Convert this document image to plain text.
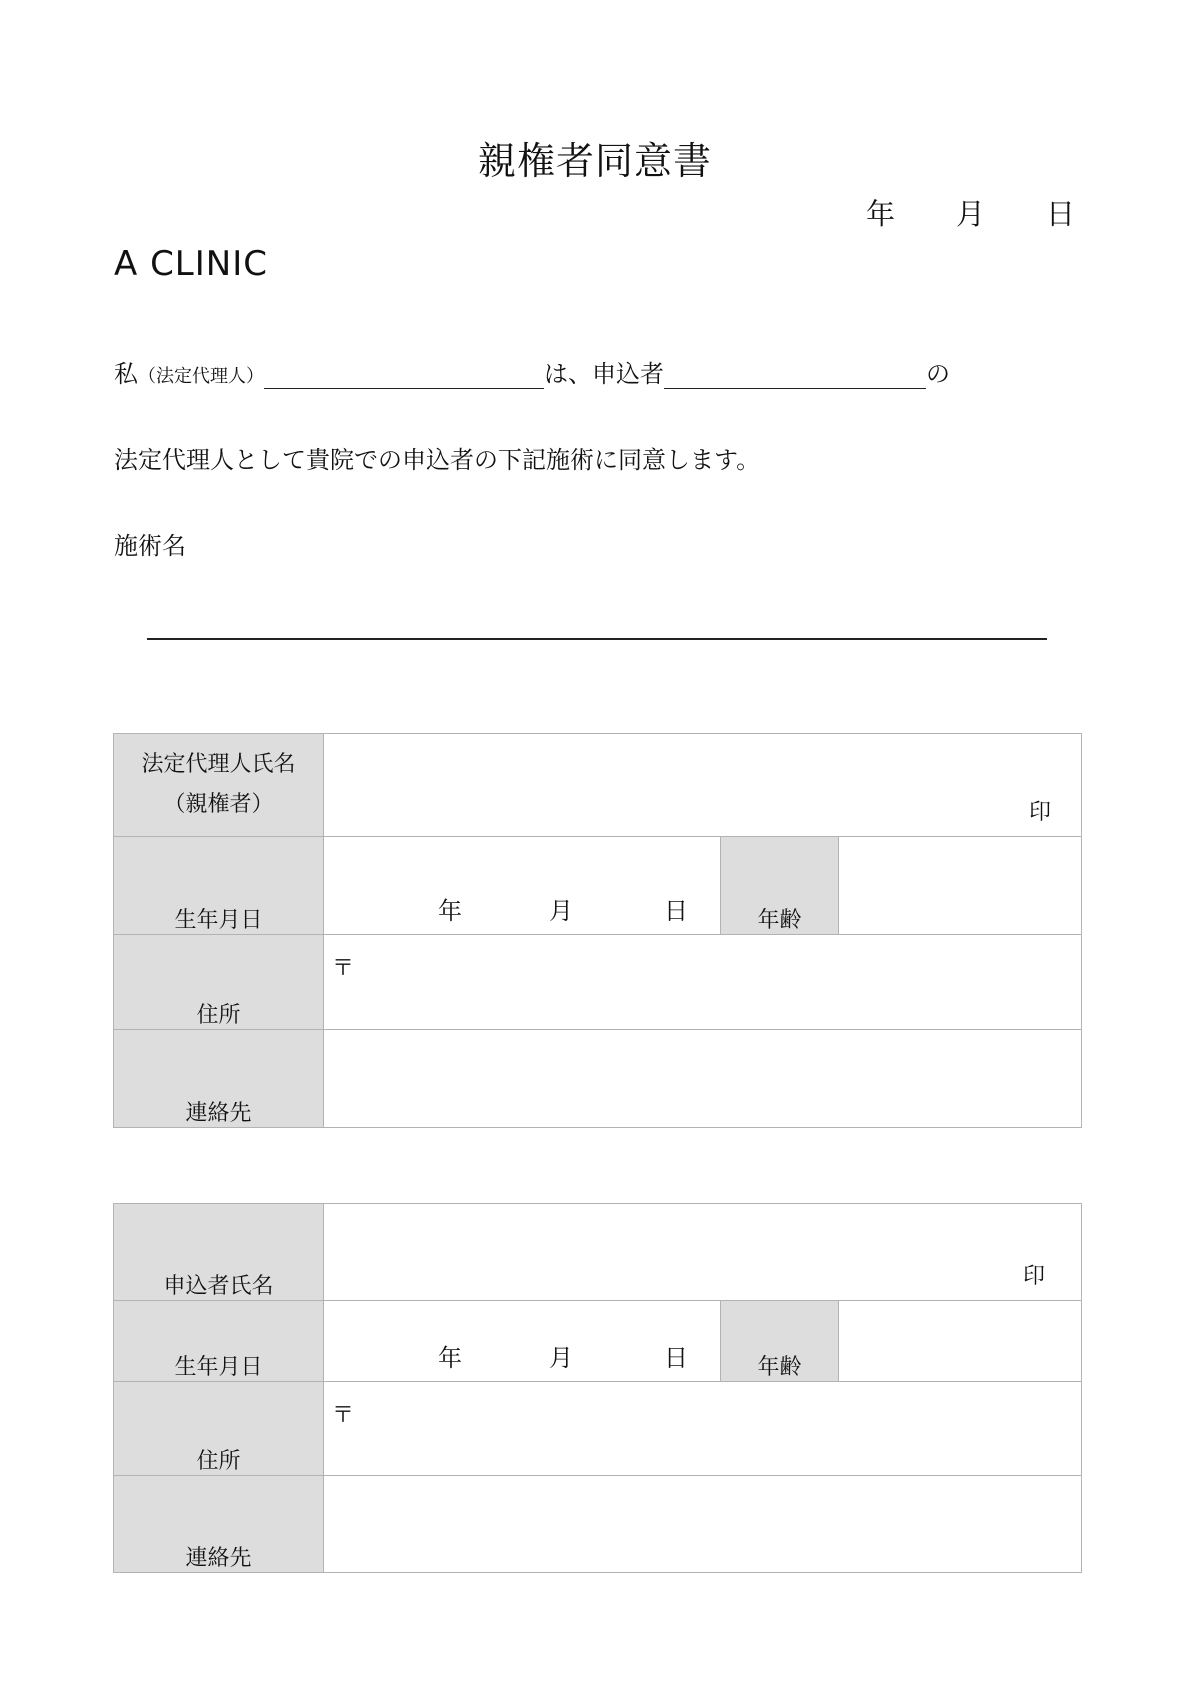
親権者同意書
年 月 日
A CLINIC
私（法定代理人）	は、申込者	の
法定代理人として貴院での申込者の下記施術に同意します。
施術名
法定代理人氏名
（親権者）	印		

生年月日	年 月 日	年齢	
住所	〒		

連絡先			
申込者氏名	印		

生年月日	年 月 日	年齢	
住所	〒		

連絡先			
